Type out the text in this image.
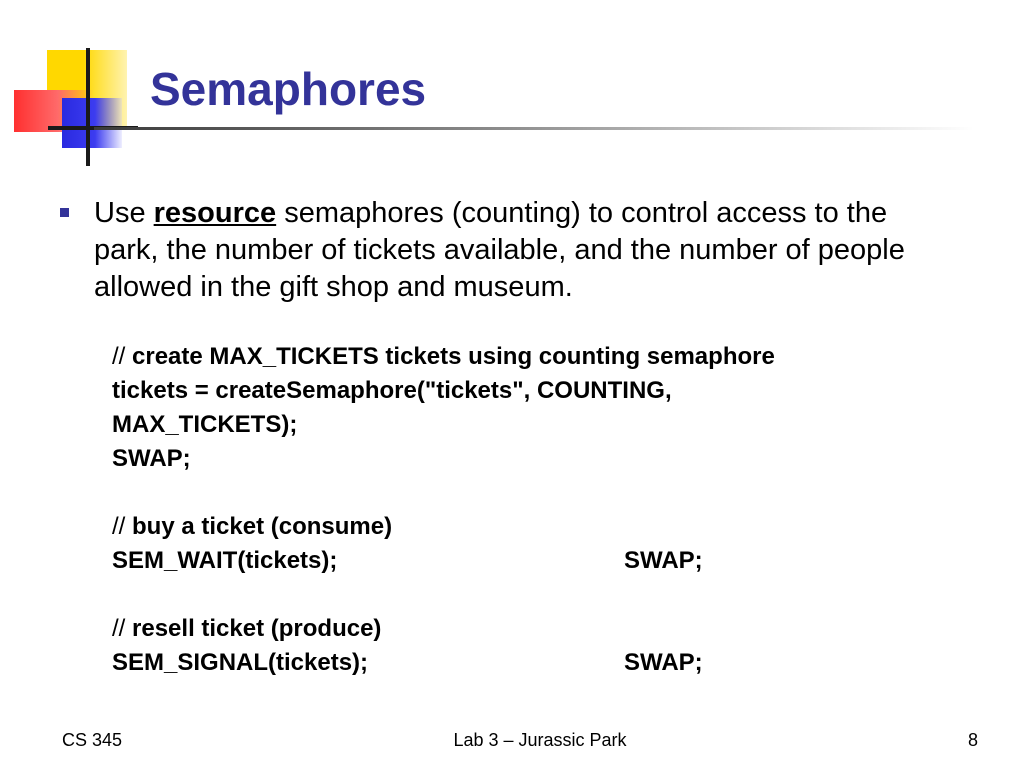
Semaphores

Use resource semaphores (counting) to control access to the park, the number of tickets available, and the number of people allowed in the gift shop and museum.

// create MAX_TICKETS tickets using counting semaphore
tickets = createSemaphore("tickets", COUNTING,
MAX_TICKETS);
SWAP;
// buy a ticket (consume)
SEM_WAIT(tickets);	SWAP;
// resell ticket (produce)
SEM_SIGNAL(tickets);	SWAP;
CS 345	Lab 3 – Jurassic Park	8
